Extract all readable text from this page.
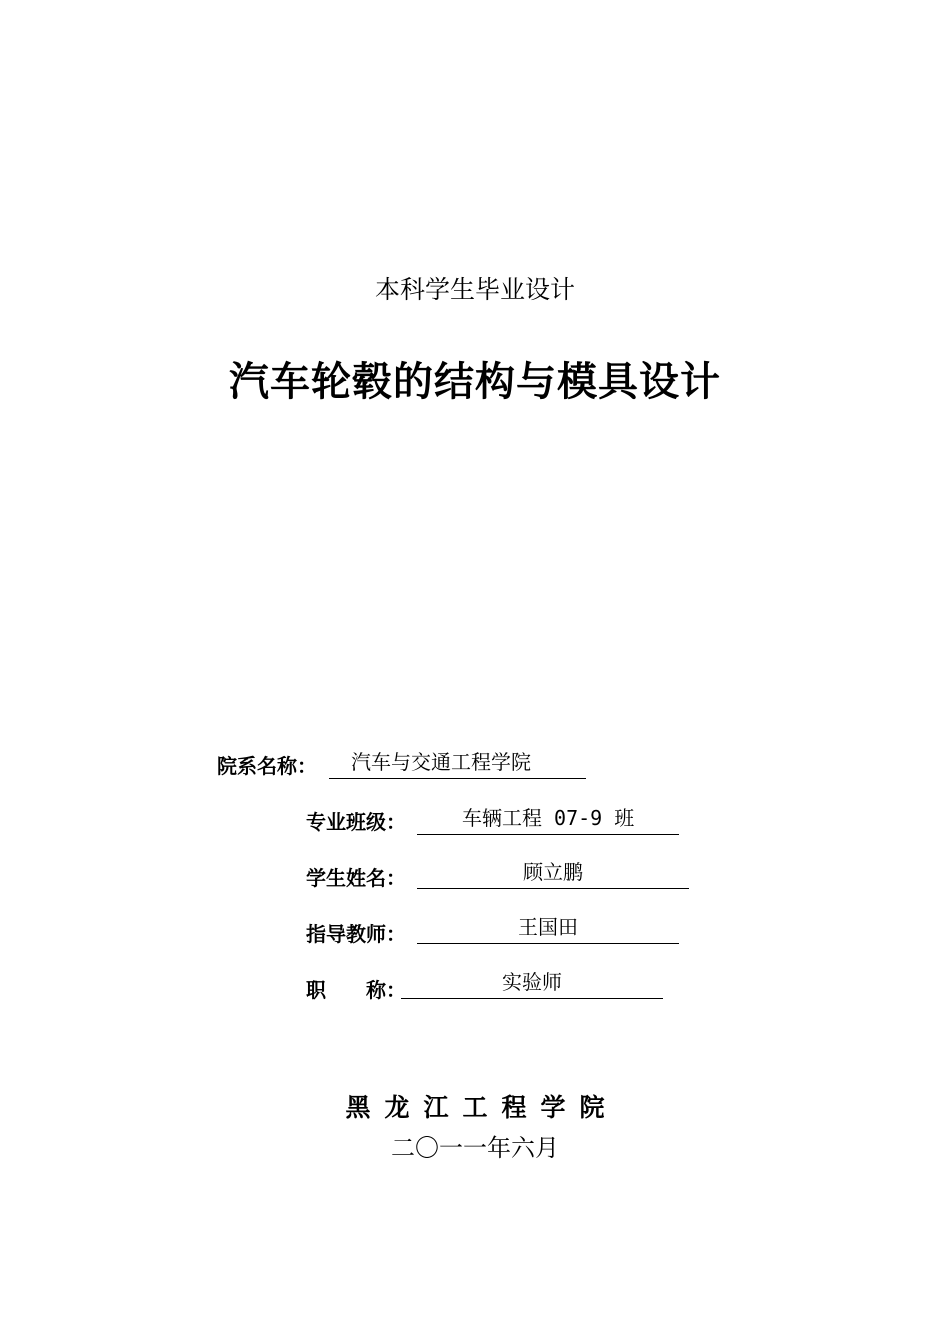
本科学生毕业设计
汽车轮毂的结构与模具设计
院系名称：	汽车与交通工程学院
专业班级：	车辆工程 07-9 班
学生姓名：	顾立鹏
指导教师：	王国田
职　　称：	实验师
黑龙江工程学院
二〇一一年六月
